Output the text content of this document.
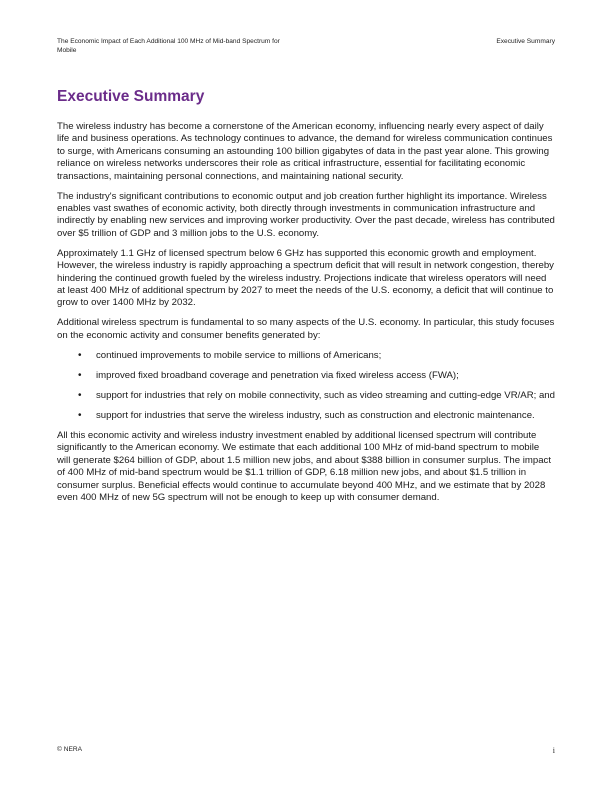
The Economic Impact of Each Additional 100 MHz of Mid-band Spectrum for Mobile
Executive Summary
Executive Summary

The wireless industry has become a cornerstone of the American economy, influencing nearly every aspect of daily life and business operations. As technology continues to advance, the demand for wireless communication continues to surge, with Americans consuming an astounding 100 billion gigabytes of data in the past year alone. This growing reliance on wireless networks underscores their role as critical infrastructure, essential for facilitating economic transactions, maintaining personal connections, and maintaining national security.

The industry's significant contributions to economic output and job creation further highlight its importance. Wireless enables vast swathes of economic activity, both directly through investments in communication infrastructure and indirectly by enabling new services and improving worker productivity. Over the past decade, wireless has contributed over $5 trillion of GDP and 3 million jobs to the U.S. economy.

Approximately 1.1 GHz of licensed spectrum below 6 GHz has supported this economic growth and employment. However, the wireless industry is rapidly approaching a spectrum deficit that will result in network congestion, thereby hindering the continued growth fueled by the wireless industry. Projections indicate that wireless operators will need at least 400 MHz of additional spectrum by 2027 to meet the needs of the U.S. economy, a deficit that will continue to grow to over 1400 MHz by 2032.

Additional wireless spectrum is fundamental to so many aspects of the U.S. economy. In particular, this study focuses on the economic activity and consumer benefits generated by:

• continued improvements to mobile service to millions of Americans;
• improved fixed broadband coverage and penetration via fixed wireless access (FWA);
• support for industries that rely on mobile connectivity, such as video streaming and cutting-edge VR/AR; and
• support for industries that serve the wireless industry, such as construction and electronic maintenance.

All this economic activity and wireless industry investment enabled by additional licensed spectrum will contribute significantly to the American economy. We estimate that each additional 100 MHz of mid-band spectrum to mobile will generate $264 billion of GDP, about 1.5 million new jobs, and about $388 billion in consumer surplus. The impact of 400 MHz of mid-band spectrum would be $1.1 trillion of GDP, 6.18 million new jobs, and about $1.5 trillion in consumer surplus. Beneficial effects would continue to accumulate beyond 400 MHz, and we estimate that by 2028 even 400 MHz of new 5G spectrum will not be enough to keep up with consumer demand.

© NERA	i
